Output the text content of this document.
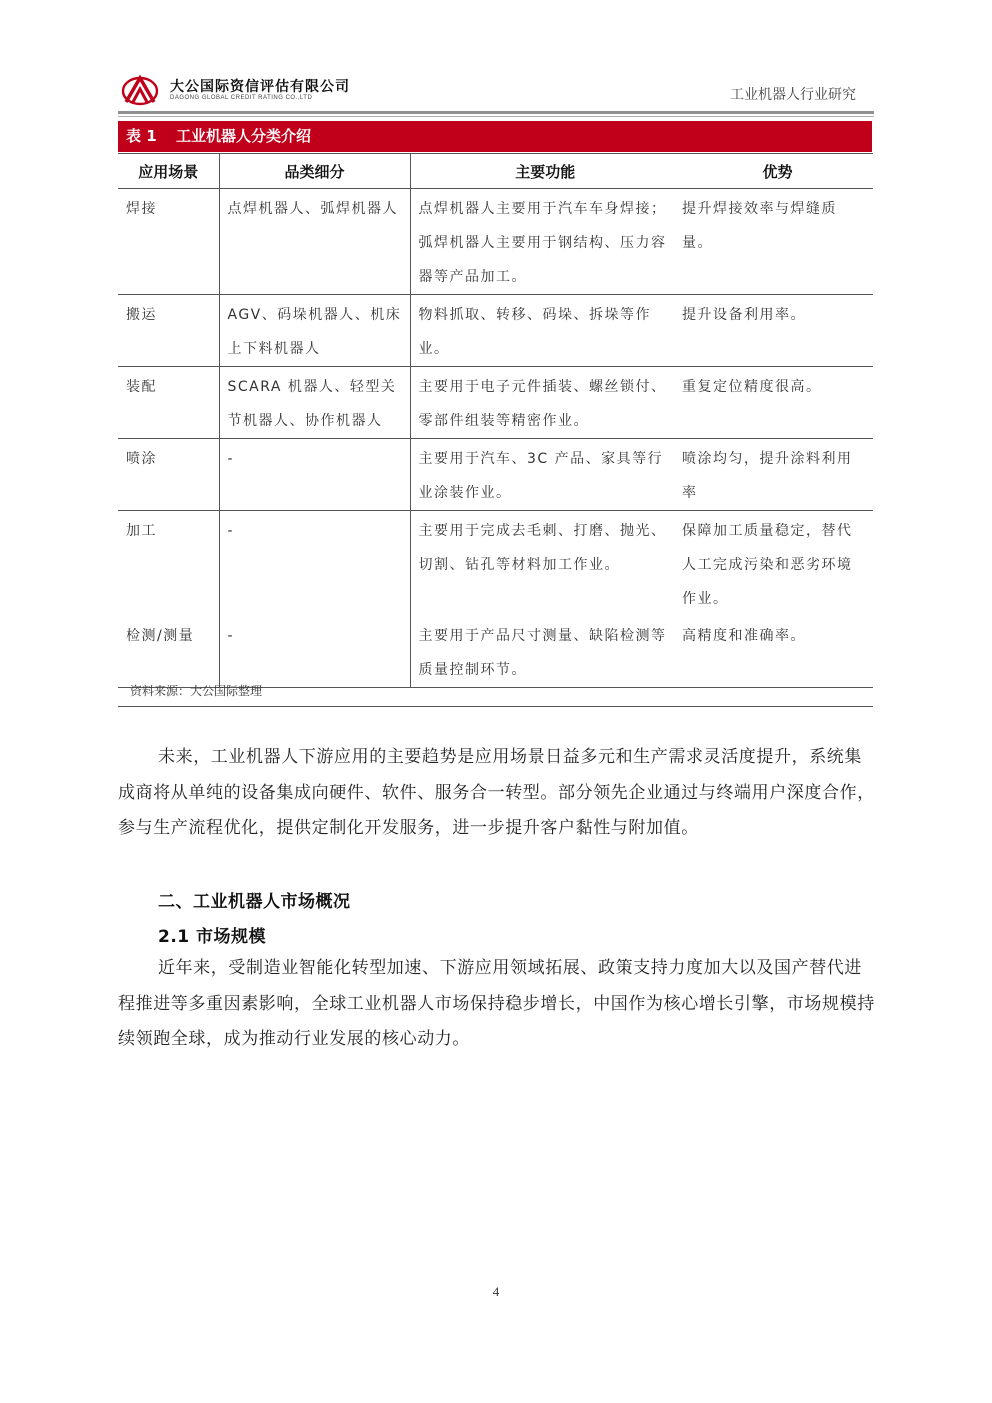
大公国际资信评估有限公司
DAGONG GLOBAL CREDIT RATING CO.,LTD	工业机器人行业研究
表 1 工业机器人分类介绍
应用场景	品类细分	主要功能	优势
焊接	点焊机器人、弧焊机器人	点焊机器人主要用于汽车车身焊接；弧焊机器人主要用于钢结构、压力容器等产品加工。	提升焊接效率与焊缝质量。
搬运	AGV、码垛机器人、机床上下料机器人	物料抓取、转移、码垛、拆垛等作业。	提升设备利用率。
装配	SCARA 机器人、轻型关节机器人、协作机器人	主要用于电子元件插装、螺丝锁付、零部件组装等精密作业。	重复定位精度很高。
喷涂	-	主要用于汽车、3C 产品、家具等行业涂装作业。	喷涂均匀，提升涂料利用率
加工	-	主要用于完成去毛刺、打磨、抛光、切割、钻孔等材料加工作业。	保障加工质量稳定，替代人工完成污染和恶劣环境作业。
检测/测量	-	主要用于产品尺寸测量、缺陷检测等质量控制环节。	高精度和准确率。
资料来源：大公国际整理

未来，工业机器人下游应用的主要趋势是应用场景日益多元和生产需求灵活度提升，系统集成商将从单纯的设备集成向硬件、软件、服务合一转型。部分领先企业通过与终端用户深度合作，参与生产流程优化，提供定制化开发服务，进一步提升客户黏性与附加值。

二、工业机器人市场概况
2.1 市场规模

近年来，受制造业智能化转型加速、下游应用领域拓展、政策支持力度加大以及国产替代进程推进等多重因素影响，全球工业机器人市场保持稳步增长，中国作为核心增长引擎，市场规模持续领跑全球，成为推动行业发展的核心动力。

4
